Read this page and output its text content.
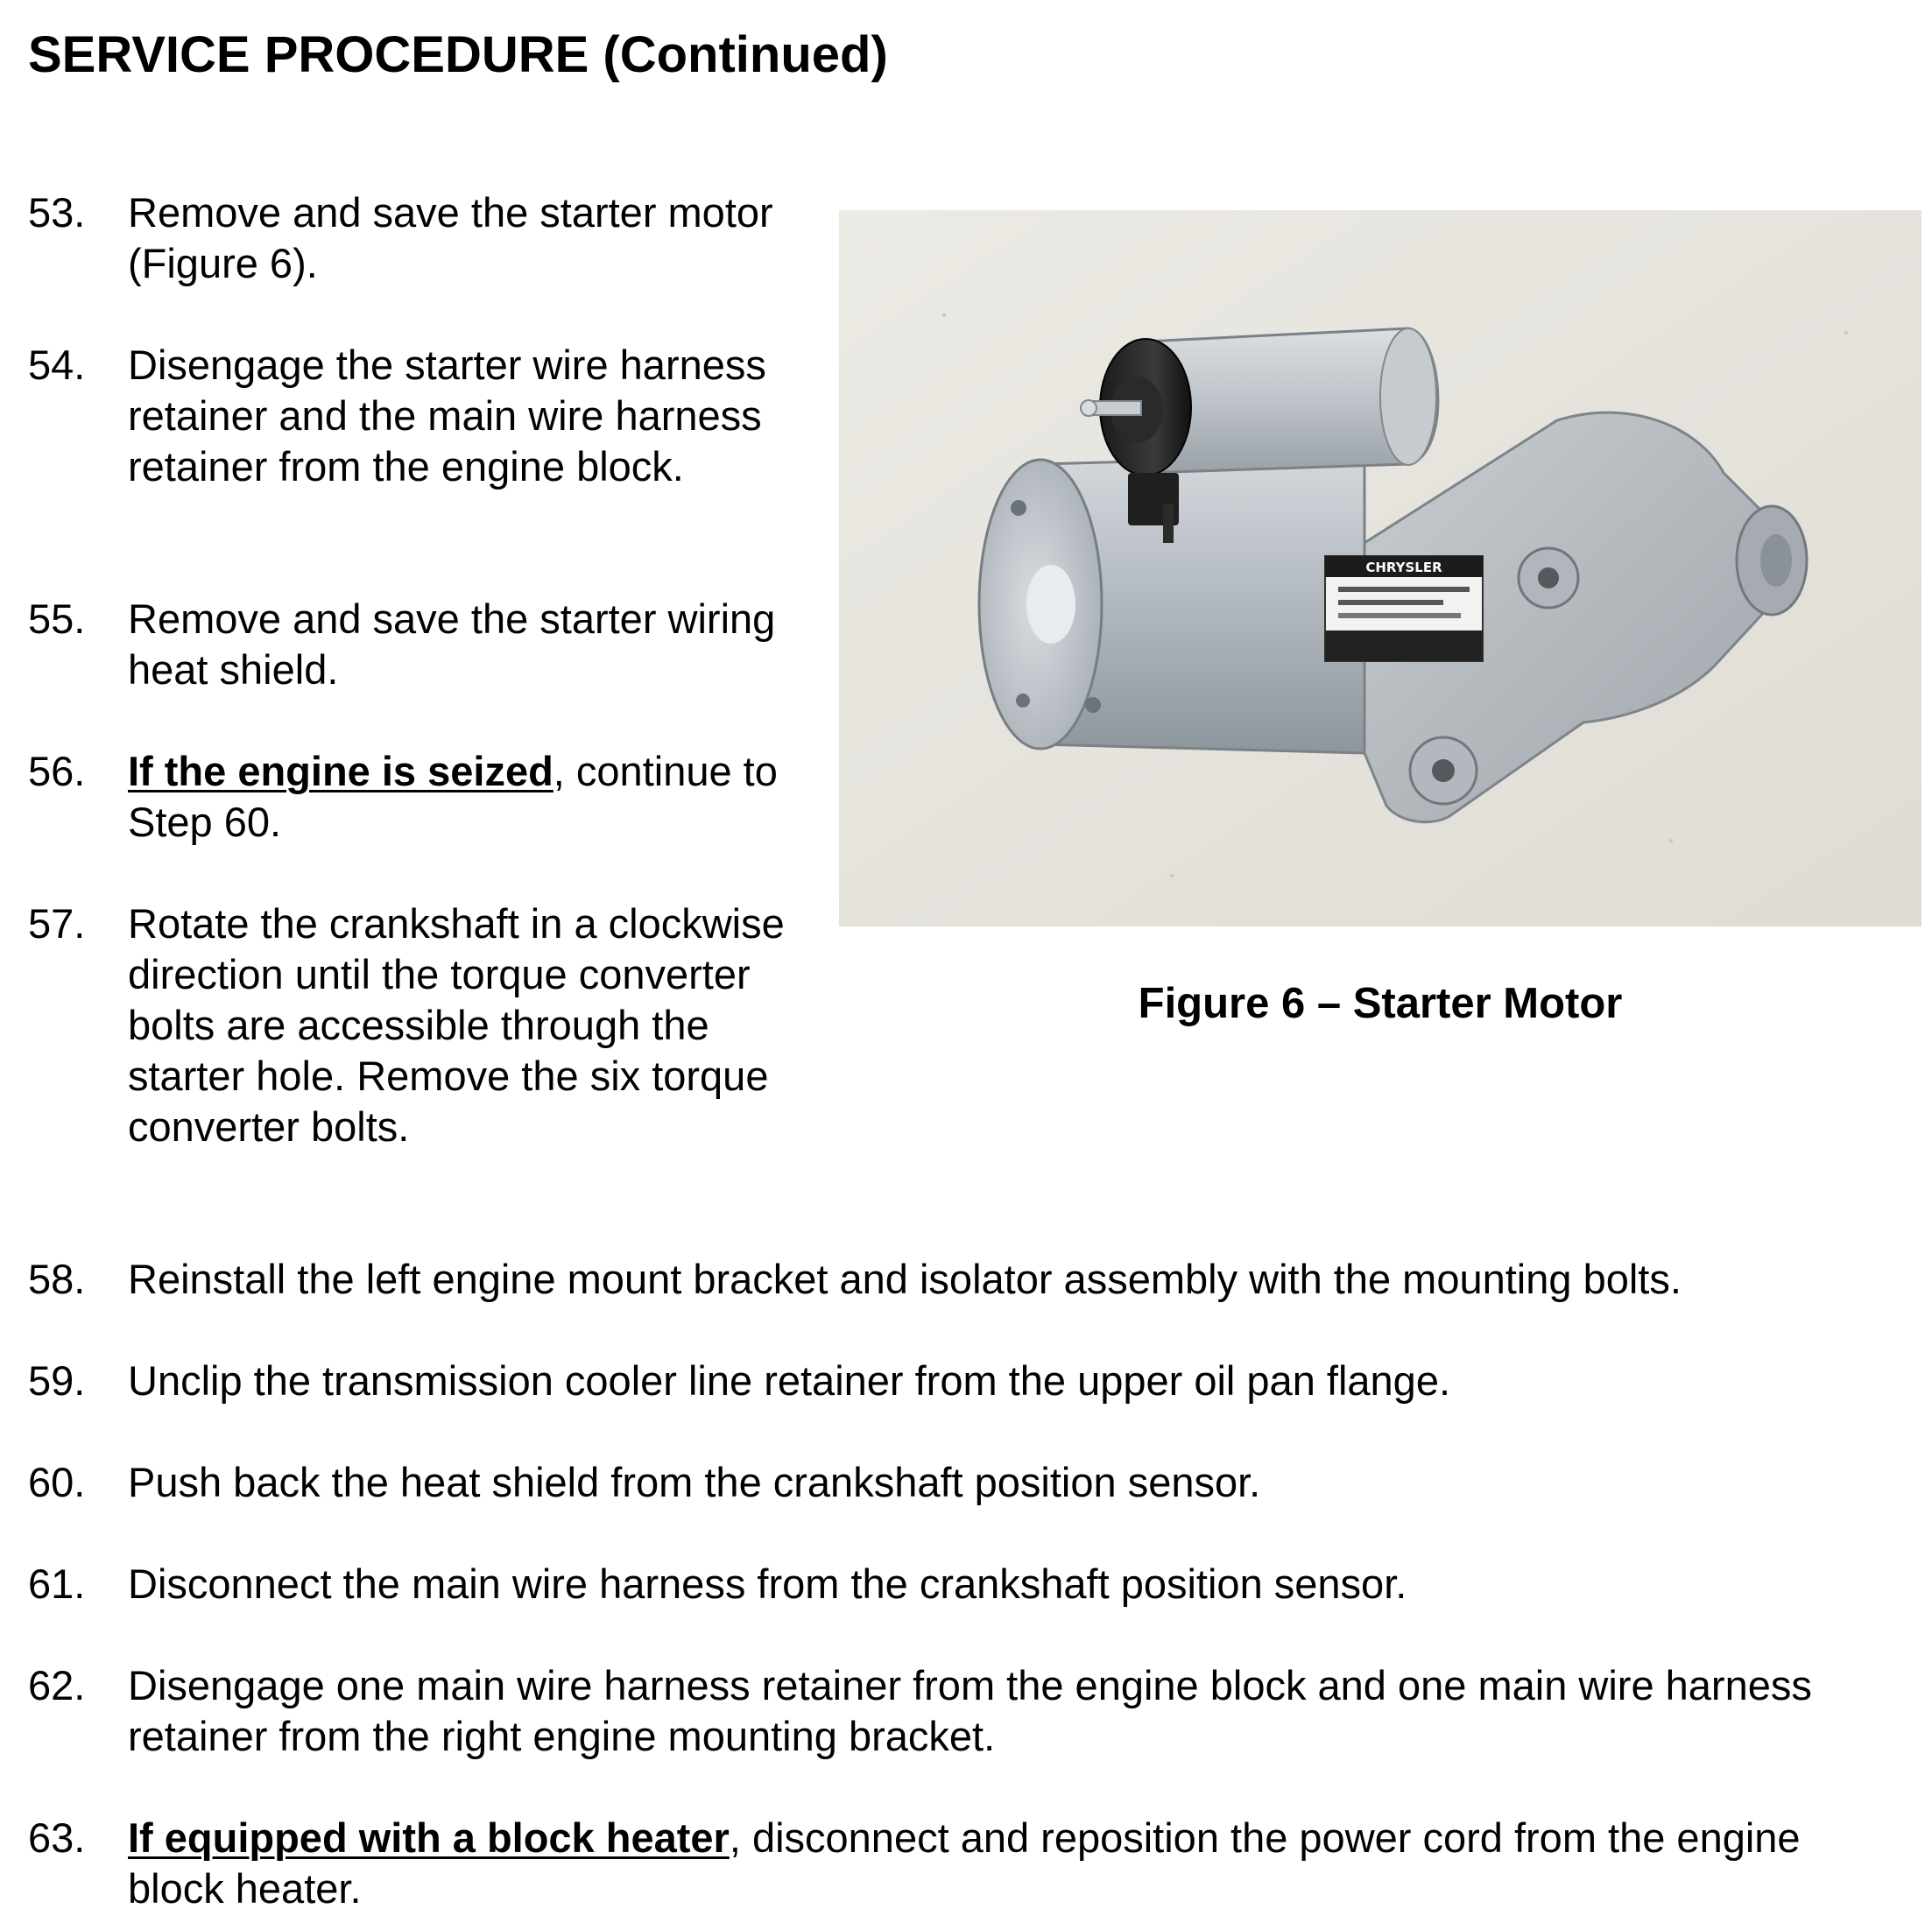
SERVICE PROCEDURE (Continued)
53.	Remove and save the starter motor (Figure 6).
54.	Disengage the starter wire harness retainer and the main wire harness retainer from the engine block.
55.	Remove and save the starter wiring heat shield.
56.	If the engine is seized, continue to Step 60.
57.	Rotate the crankshaft in a clockwise direction until the torque converter bolts are accessible through the starter hole. Remove the six torque converter bolts.
58.	Reinstall the left engine mount bracket and isolator assembly with the mounting bolts.
59.	Unclip the transmission cooler line retainer from the upper oil pan flange.
60.	Push back the heat shield from the crankshaft position sensor.
61.	Disconnect the main wire harness from the crankshaft position sensor.
62.	Disengage one main wire harness retainer from the engine block and one main wire harness retainer from the right engine mounting bracket.
63.	If equipped with a block heater, disconnect and reposition the power cord from the engine block heater.
CHRYSLER
Figure 6 – Starter Motor
